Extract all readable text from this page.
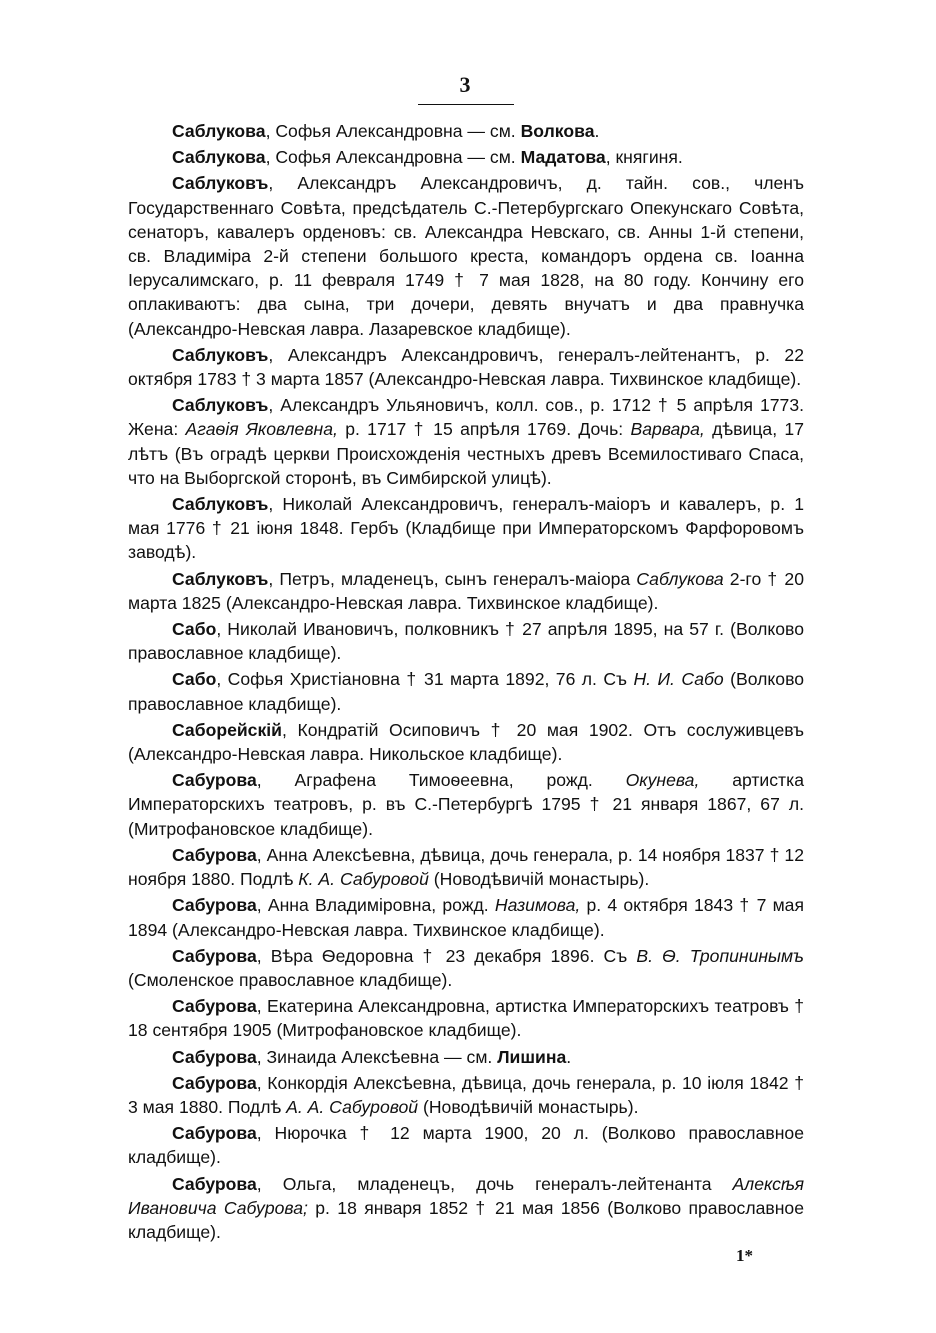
3

Саблукова, Софья Александровна — см. Волкова.

Саблукова, Софья Александровна — см. Мадатова, княгиня.

Саблуковъ, Александръ Александровичъ, д. тайн. сов., членъ Государственнаго Совѣта, предсѣдатель С.-Петербургскаго Опекунскаго Совѣта, сенаторъ, кавалеръ орденовъ: св. Александра Невскаго, св. Анны 1-й степени, св. Владиміра 2-й степени большого креста, командоръ ордена св. Іоанна Іерусалимскаго, р. 11 февраля 1749 † 7 мая 1828, на 80 году. Кончину его оплакиваютъ: два сына, три дочери, девять внучатъ и два правнучка (Александро-Невская лавра. Лазаревское кладбище).

Саблуковъ, Александръ Александровичъ, генералъ-лейтенантъ, р. 22 октября 1783 † 3 марта 1857 (Александро-Невская лавра. Тихвинское кладбище).

Саблуковъ, Александръ Ульяновичъ, колл. сов., р. 1712 † 5 апрѣля 1773. Жена: Агаѳія Яковлевна, р. 1717 † 15 апрѣля 1769. Дочь: Варвара, дѣвица, 17 лѣтъ (Въ оградѣ церкви Происхожденія честныхъ древъ Всемилостиваго Спаса, что на Выборгской сторонѣ, въ Симбирской улицѣ).

Саблуковъ, Николай Александровичъ, генералъ-маіоръ и кавалеръ, р. 1 мая 1776 † 21 іюня 1848. Гербъ (Кладбище при Императорскомъ Фарфоровомъ заводѣ).

Саблуковъ, Петръ, младенецъ, сынъ генералъ-маіора Саблукова 2-го † 20 марта 1825 (Александро-Невская лавра. Тихвинское кладбище).

Сабо, Николай Ивановичъ, полковникъ † 27 апрѣля 1895, на 57 г. (Волково православное кладбище).

Сабо, Софья Христіановна † 31 марта 1892, 76 л. Съ Н. И. Сабо (Волково православное кладбище).

Саборейскій, Кондратій Осиповичъ † 20 мая 1902. Отъ сослуживцевъ (Александро-Невская лавра. Никольское кладбище).

Сабурова, Аграфена Тимоѳеевна, рожд. Окунева, артистка Императорскихъ театровъ, р. въ С.-Петербургѣ 1795 † 21 января 1867, 67 л. (Митрофановское кладбище).

Сабурова, Анна Алексѣевна, дѣвица, дочь генерала, р. 14 ноября 1837 † 12 ноября 1880. Подлѣ К. А. Сабуровой (Новодѣвичій монастырь).

Сабурова, Анна Владиміровна, рожд. Назимова, р. 4 октября 1843 † 7 мая 1894 (Александро-Невская лавра. Тихвинское кладбище).

Сабурова, Вѣра Ѳедоровна † 23 декабря 1896. Съ В. Ѳ. Тропининымъ (Смоленское православное кладбище).

Сабурова, Екатерина Александровна, артистка Императорскихъ театровъ † 18 сентября 1905 (Митрофановское кладбище).

Сабурова, Зинаида Алексѣевна — см. Лишина.

Сабурова, Конкордія Алексѣевна, дѣвица, дочь генерала, р. 10 іюля 1842 † 3 мая 1880. Подлѣ А. А. Сабуровой (Новодѣвичій монастырь).

Сабурова, Нюрочка † 12 марта 1900, 20 л. (Волково православное кладбище).

Сабурова, Ольга, младенецъ, дочь генералъ-лейтенанта Алексѣя Ивановича Сабурова; р. 18 января 1852 † 21 мая 1856 (Волково православное кладбище).

1*
